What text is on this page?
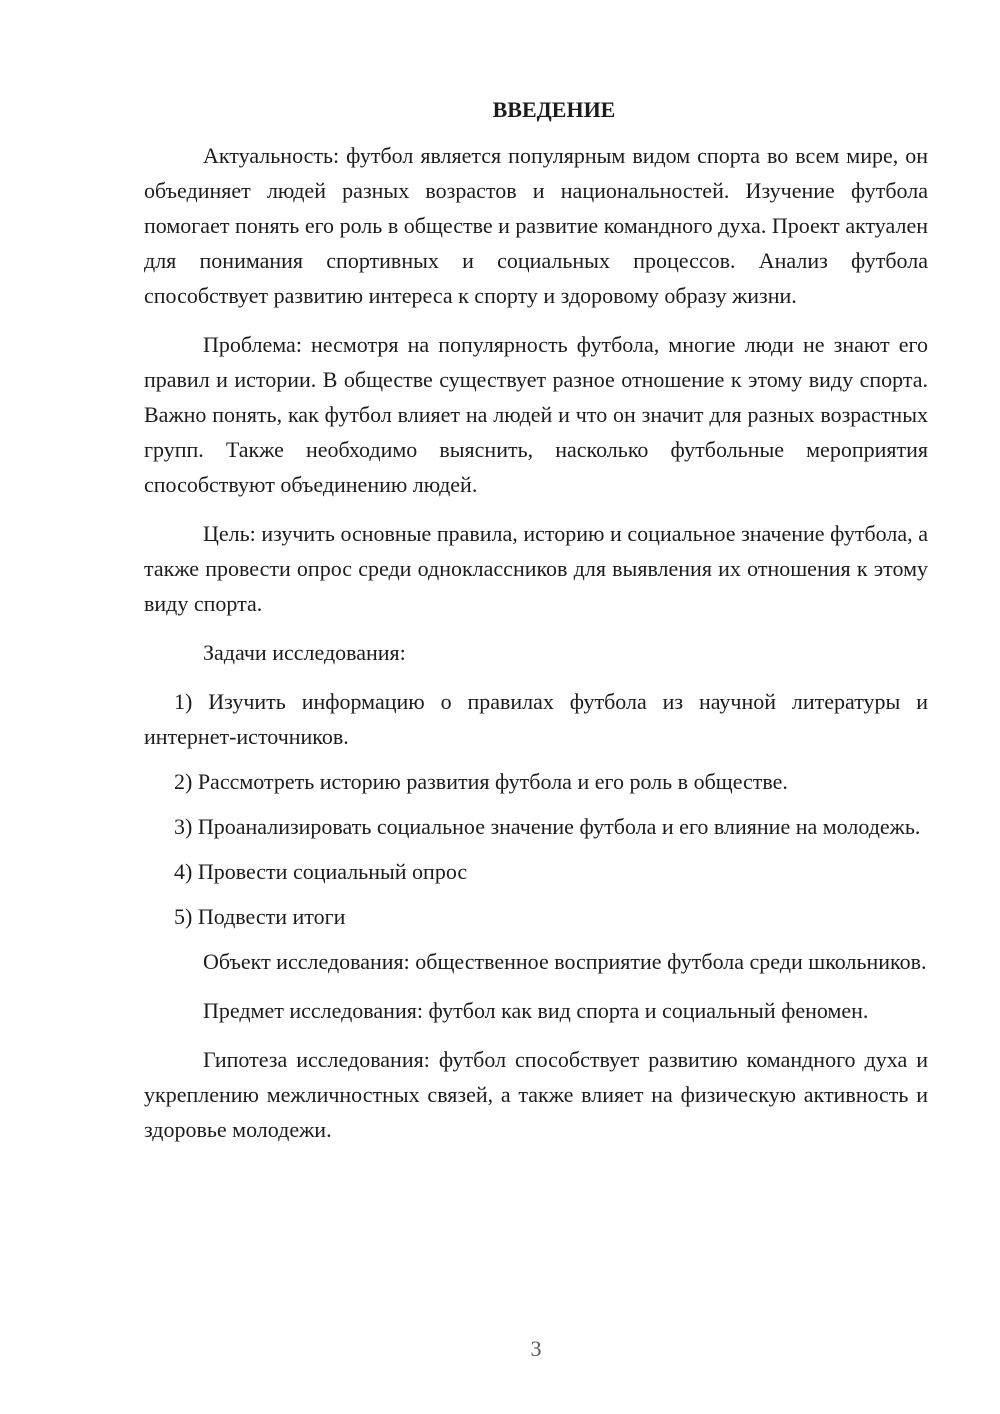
ВВЕДЕНИЕ

Актуальность: футбол является популярным видом спорта во всем мире, он объединяет людей разных возрастов и национальностей. Изучение футбола помогает понять его роль в обществе и развитие командного духа. Проект актуален для понимания спортивных и социальных процессов. Анализ футбола способствует развитию интереса к спорту и здоровому образу жизни.

Проблема: несмотря на популярность футбола, многие люди не знают его правил и истории. В обществе существует разное отношение к этому виду спорта. Важно понять, как футбол влияет на людей и что он значит для разных возрастных групп. Также необходимо выяснить, насколько футбольные мероприятия способствуют объединению людей.

Цель: изучить основные правила, историю и социальное значение футбола, а также провести опрос среди одноклассников для выявления их отношения к этому виду спорта.

Задачи исследования:

1) Изучить информацию о правилах футбола из научной литературы и интернет-источников.

2) Рассмотреть историю развития футбола и его роль в обществе.

3) Проанализировать социальное значение футбола и его влияние на молодежь.

4) Провести социальный опрос

5) Подвести итоги

Объект исследования: общественное восприятие футбола среди школьников.

Предмет исследования: футбол как вид спорта и социальный феномен.

Гипотеза исследования: футбол способствует развитию командного духа и укреплению межличностных связей, а также влияет на физическую активность и здоровье молодежи.

3
